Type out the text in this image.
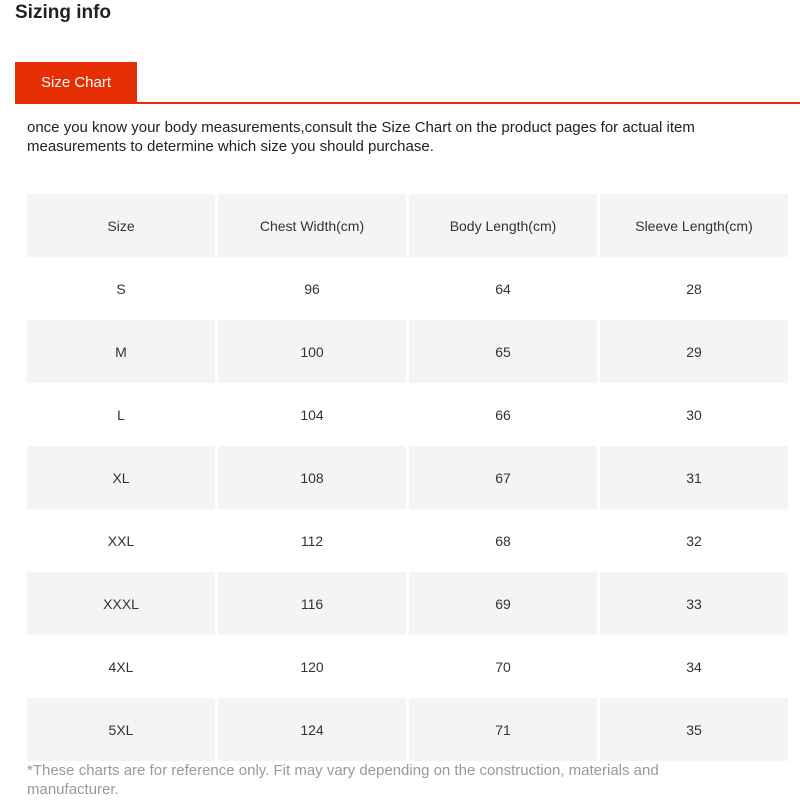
Sizing info
Size Chart

once you know your body measurements,consult the Size Chart on the product pages for actual item measurements to determine which size you should purchase.

Size	Chest Width(cm)	Body Length(cm)	Sleeve Length(cm)
S	96	64	28
M	100	65	29
L	104	66	30
XL	108	67	31
XXL	112	68	32
XXXL	116	69	33
4XL	120	70	34
5XL	124	71	35

*These charts are for reference only. Fit may vary depending on the construction, materials and manufacturer.
